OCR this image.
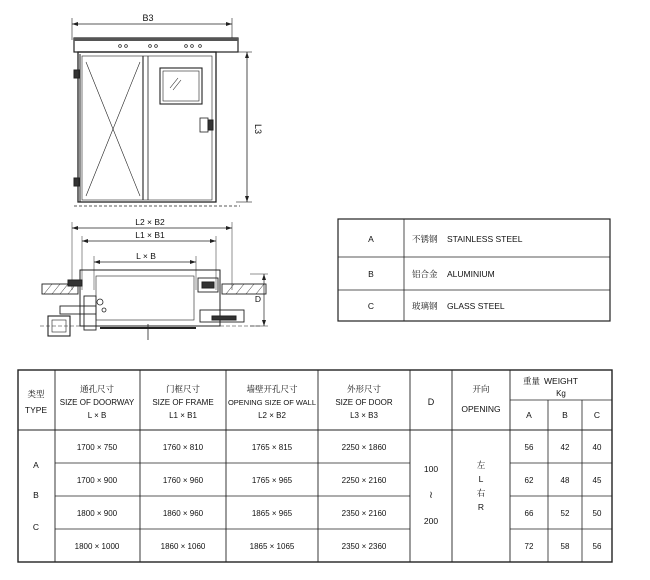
B3
L3
L2 × B2
L1 × B1
L × B
D
A	不锈钢 STAINLESS STEEL
B	铝合金 ALUMINIUM
C	玻璃钢 GLASS STEEL
类型
TYPE
通孔尺寸
SIZE OF DOORWAY
L × B
门框尺寸
SIZE OF FRAME
L1 × B1
墙壁开孔尺寸
OPENING SIZE OF WALL
L2 × B2
外形尺寸
SIZE OF DOOR
L3 × B3
D
开向
OPENING
重量 WEIGHT
Kg
A	B	C
A
B
C
1700 × 750	1760 × 810	1765 × 815	2250 × 1860	56	42	40
1700 × 900	1760 × 960	1765 × 965	2250 × 2160	62	48	45
1800 × 900	1860 × 960	1865 × 965	2350 × 2160	66	52	50
1800 × 1000	1860 × 1060	1865 × 1065	2350 × 2360	72	58	56
100
≀
200
左
L
右
R
